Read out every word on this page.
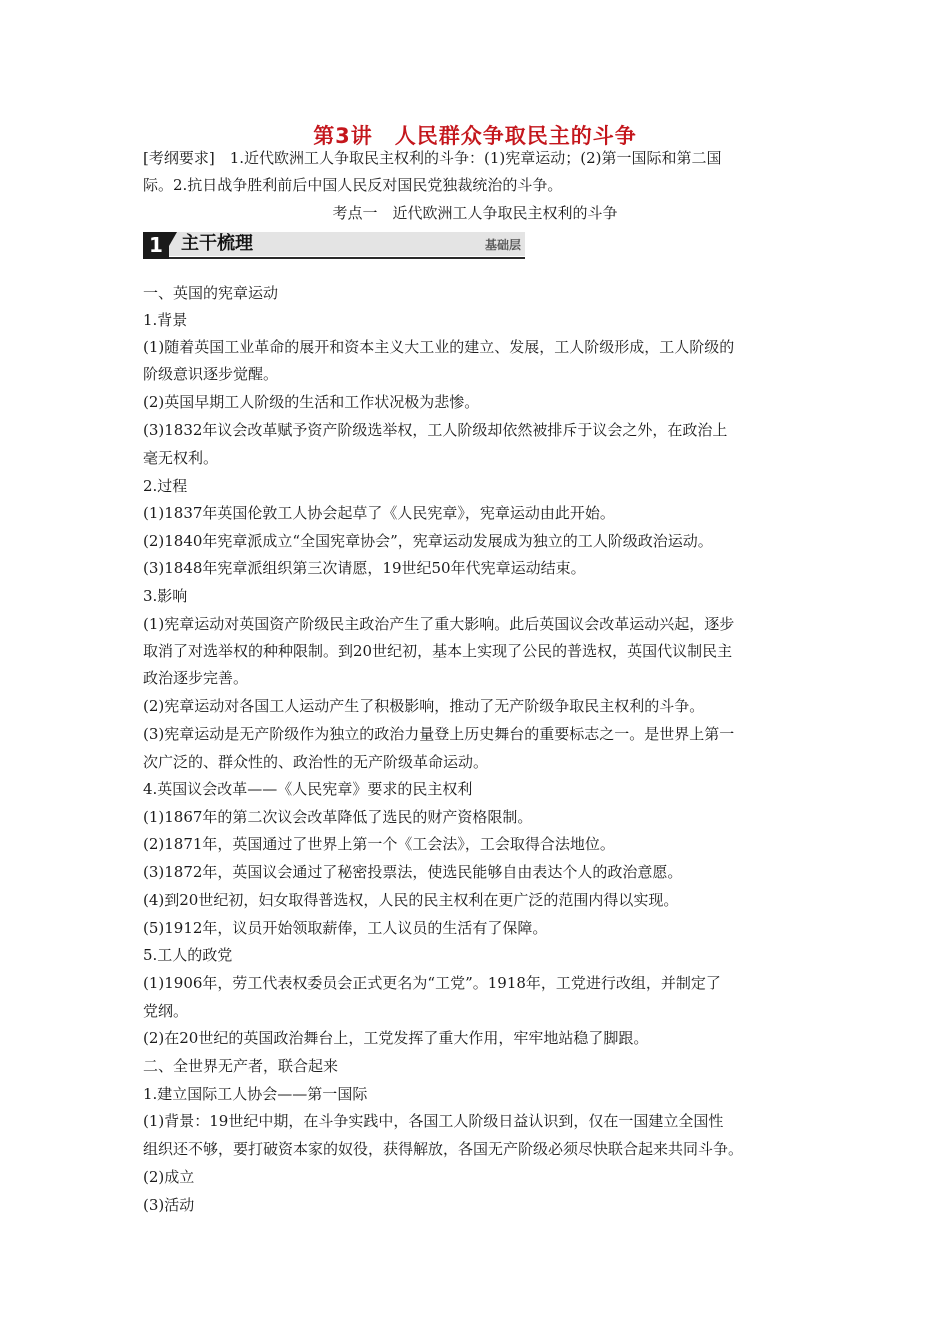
第3讲　人民群众争取民主的斗争
[考纲要求]　1.近代欧洲工人争取民主权利的斗争：(1)宪章运动；(2)第一国际和第二国
际。2.抗日战争胜利前后中国人民反对国民党独裁统治的斗争。
考点一　近代欧洲工人争取民主权利的斗争
1	主干梳理	基础层
一、英国的宪章运动
1.背景
(1)随着英国工业革命的展开和资本主义大工业的建立、发展，工人阶级形成，工人阶级的
阶级意识逐步觉醒。
(2)英国早期工人阶级的生活和工作状况极为悲惨。
(3)1832年议会改革赋予资产阶级选举权，工人阶级却依然被排斥于议会之外，在政治上
毫无权利。
2.过程
(1)1837年英国伦敦工人协会起草了《人民宪章》，宪章运动由此开始。
(2)1840年宪章派成立“全国宪章协会”，宪章运动发展成为独立的工人阶级政治运动。
(3)1848年宪章派组织第三次请愿，19世纪50年代宪章运动结束。
3.影响
(1)宪章运动对英国资产阶级民主政治产生了重大影响。此后英国议会改革运动兴起，逐步
取消了对选举权的种种限制。到20世纪初，基本上实现了公民的普选权，英国代议制民主
政治逐步完善。
(2)宪章运动对各国工人运动产生了积极影响，推动了无产阶级争取民主权利的斗争。
(3)宪章运动是无产阶级作为独立的政治力量登上历史舞台的重要标志之一。是世界上第一
次广泛的、群众性的、政治性的无产阶级革命运动。
4.英国议会改革——《人民宪章》要求的民主权利
(1)1867年的第二次议会改革降低了选民的财产资格限制。
(2)1871年，英国通过了世界上第一个《工会法》，工会取得合法地位。
(3)1872年，英国议会通过了秘密投票法，使选民能够自由表达个人的政治意愿。
(4)到20世纪初，妇女取得普选权，人民的民主权利在更广泛的范围内得以实现。
(5)1912年，议员开始领取薪俸，工人议员的生活有了保障。
5.工人的政党
(1)1906年，劳工代表权委员会正式更名为“工党”。1918年，工党进行改组，并制定了
党纲。
(2)在20世纪的英国政治舞台上，工党发挥了重大作用，牢牢地站稳了脚跟。
二、全世界无产者，联合起来
1.建立国际工人协会——第一国际
(1)背景：19世纪中期，在斗争实践中，各国工人阶级日益认识到，仅在一国建立全国性
组织还不够，要打破资本家的奴役，获得解放，各国无产阶级必须尽快联合起来共同斗争。
(2)成立
(3)活动
